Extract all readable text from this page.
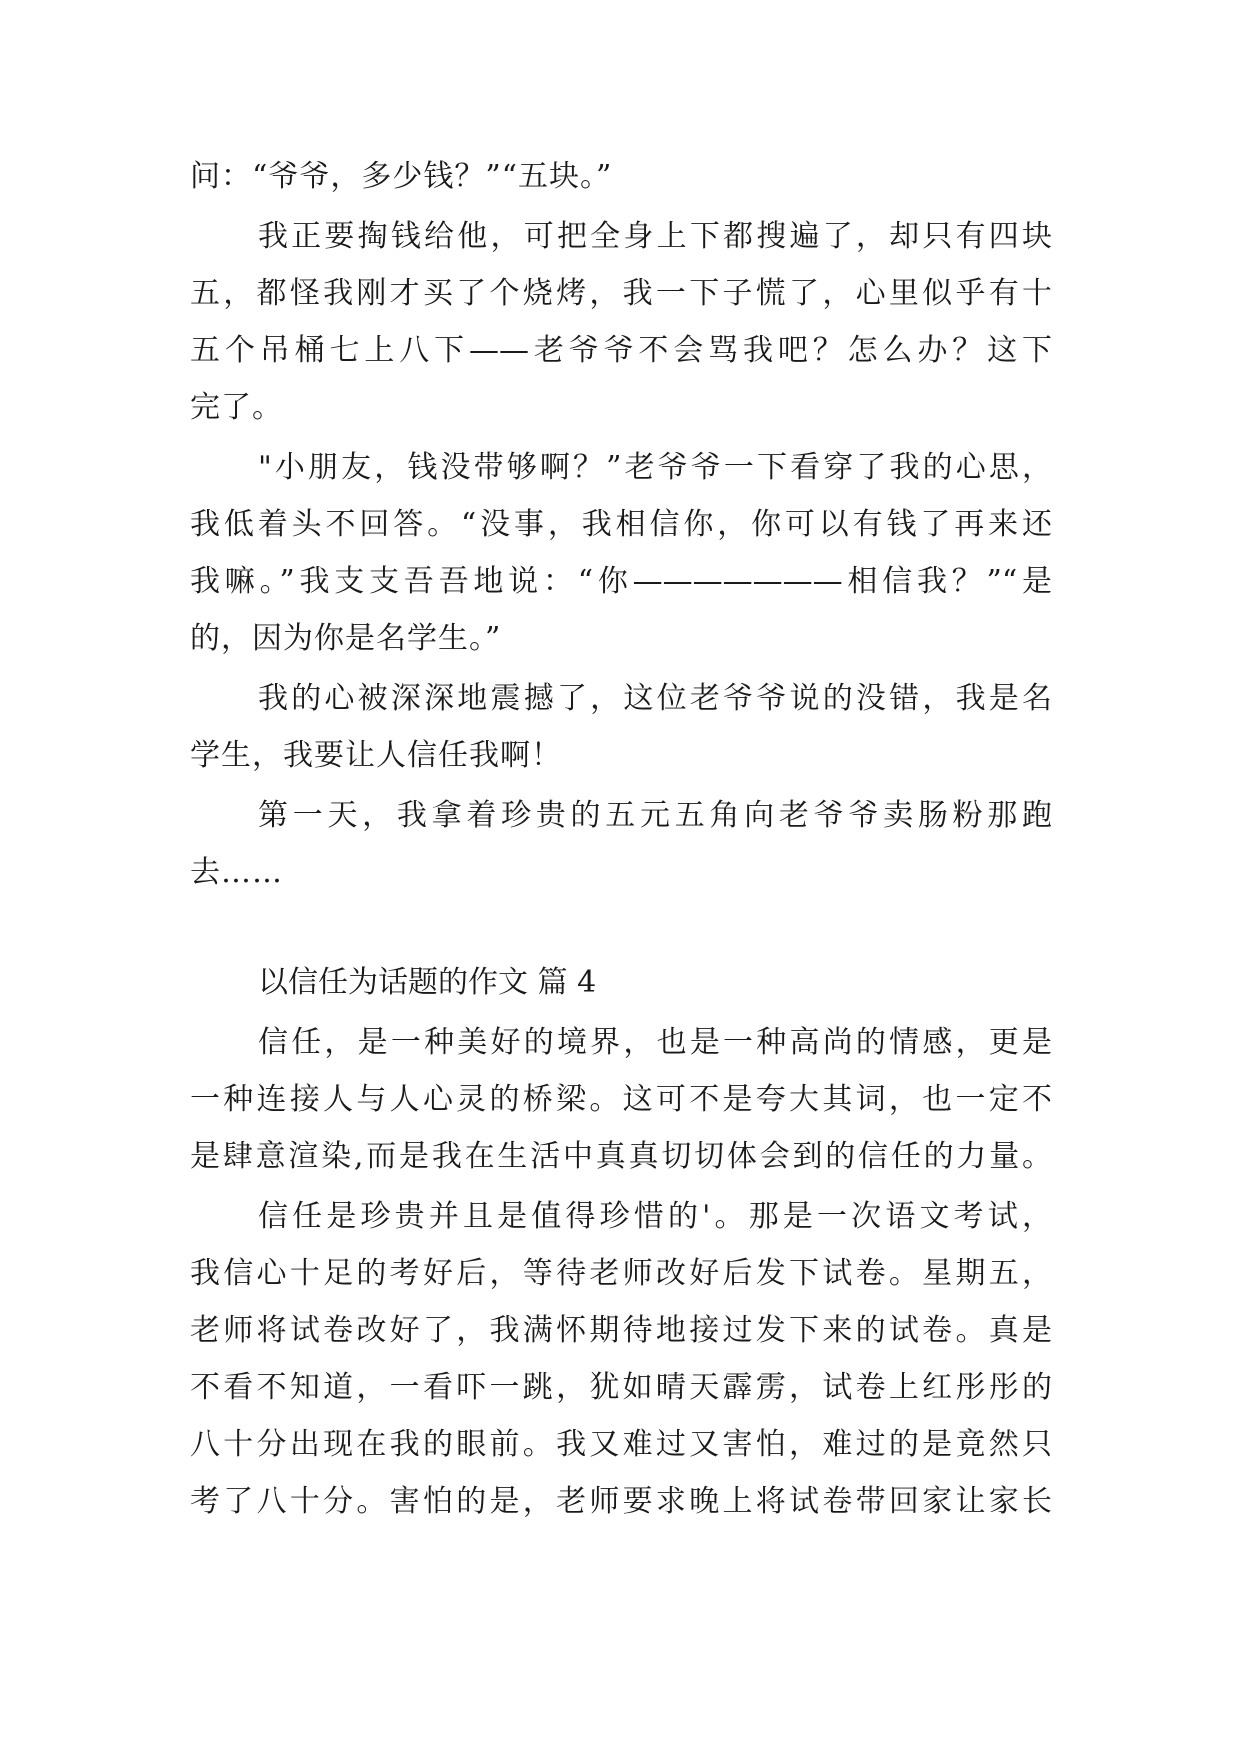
问：“爷爷，多少钱？”“五块。”
我正要掏钱给他，可把全身上下都搜遍了，却只有四块
五，都怪我刚才买了个烧烤，我一下子慌了，心里似乎有十
五个吊桶七上八下——老爷爷不会骂我吧？怎么办？这下
完了。
"小朋友，钱没带够啊？”老爷爷一下看穿了我的心思，
我低着头不回答。“没事，我相信你，你可以有钱了再来还
我嘛。”我支支吾吾地说：“你———————相信我？”“是
的，因为你是名学生。”
我的心被深深地震撼了，这位老爷爷说的没错，我是名
学生，我要让人信任我啊！
第一天，我拿着珍贵的五元五角向老爷爷卖肠粉那跑
去……
以信任为话题的作文 篇 4
信任，是一种美好的境界，也是一种高尚的情感，更是
一种连接人与人心灵的桥梁。这可不是夸大其词，也一定不
是肆意渲染,而是我在生活中真真切切体会到的信任的力量。
信任是珍贵并且是值得珍惜的'。那是一次语文考试，
我信心十足的考好后，等待老师改好后发下试卷。星期五，
老师将试卷改好了，我满怀期待地接过发下来的试卷。真是
不看不知道，一看吓一跳，犹如晴天霹雳，试卷上红彤彤的
八十分出现在我的眼前。我又难过又害怕，难过的是竟然只
考了八十分。害怕的是，老师要求晚上将试卷带回家让家长
